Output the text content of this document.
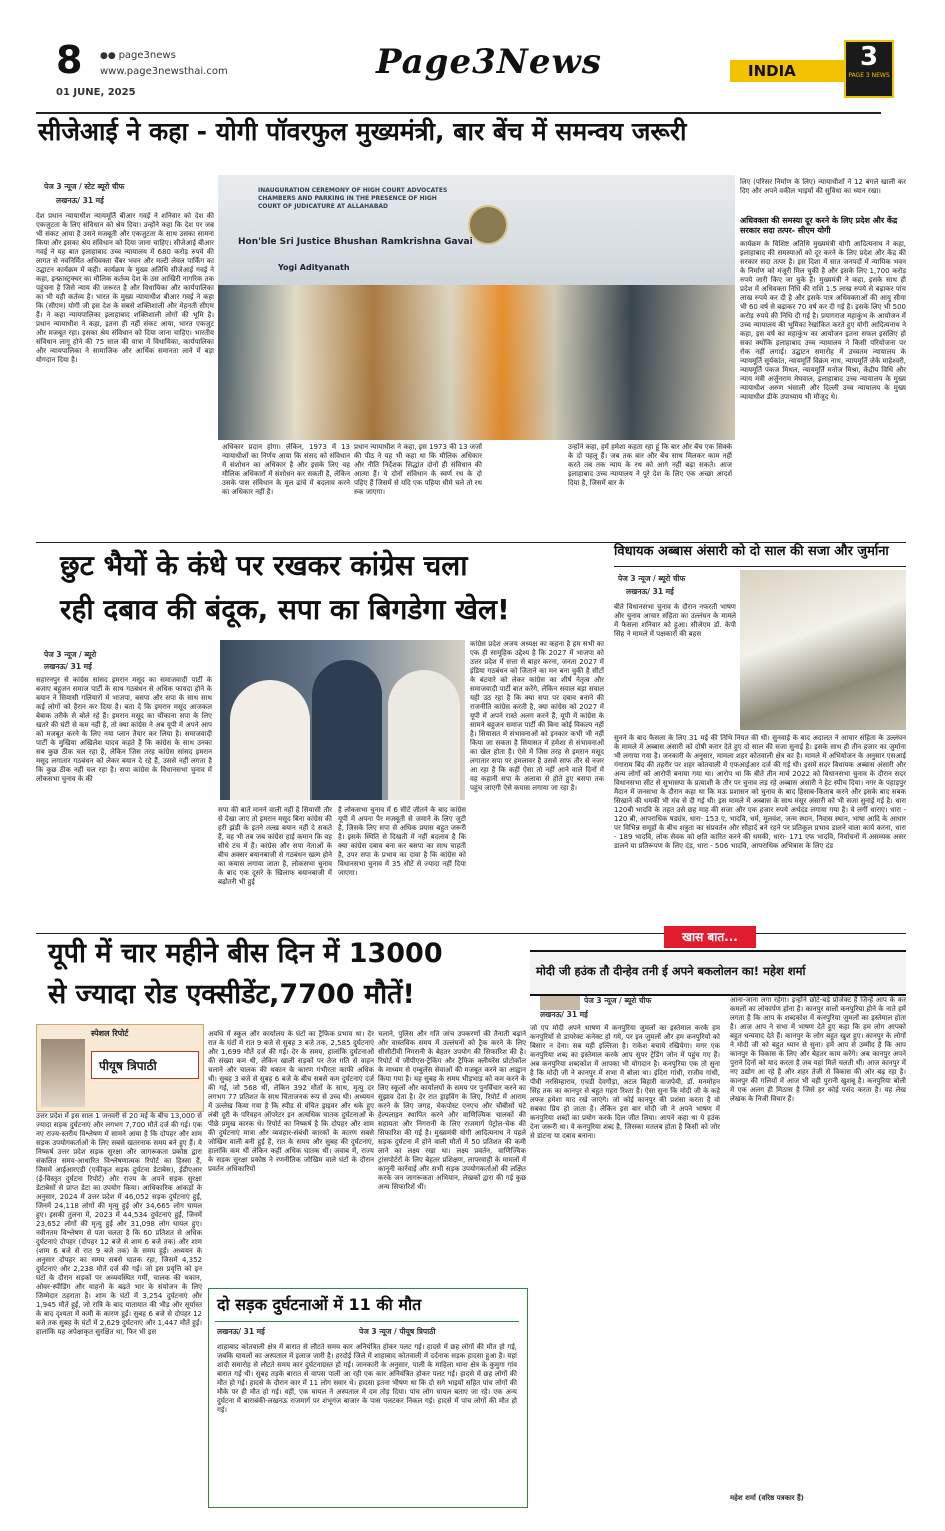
8 ●● page3news
www.page3newsthai.com
01 JUNE, 2025
Page3News	INDIA	3
PAGE 3 NEWS
सीजेआई ने कहा - योगी पॉवरफुल मुख्यमंत्री, बार बेंच में समन्वय जरूरी
पेज 3 न्यूज / स्टेट ब्यूरो चीफ
लखनऊ/ 31 मई
देश प्रधान न्यायाधीश न्यायमूर्ति बीआर गवई ने शनिवार को देश की एकजुटता के लिए संविधान को श्रेय दिया। उन्होंने कहा कि देश पर जब भी संकट आया है उसने मजबूती और एकजुटता के साथ उसका सामना किया और इसका श्रेय संविधान को दिया जाना चाहिए। सीजेआई बीआर गवई ने यह बात इलाहाबाद उच्च न्यायालय में 680 करोड़ रुपये की लागत से नवनिर्मित अधिवक्ता चैंबर भवन और मल्टी लेवल पार्किंग का उद्घाटन कार्यक्रम में कही। कार्यक्रम के मुख्य अतिथि सीजेआई गवई ने कहा, इन्फ्रास्ट्रक्चर का मौलिक कर्तव्य देश के उस आखिरी नागरिक तक पहुंचना है जिसे न्याय की जरूरत है और विधायिका और कार्यपालिका का भी यही कर्तव्य है। भारत के मुख्य न्यायाधीश बीआर गवई ने कहा कि (सीएम) योगी जी इस देश के सबसे शक्तिशाली और मेहनती सीएम हैं। ने कहा न्यायपालिका इलाहाबाद शक्तिशाली लोगों की भूमि है। प्रधान न्यायाधीश ने कहा, इतना ही नहीं संकट आया, भारत एकजुट और मजबूत रहा। इसका श्रेय संविधान को दिया जाना चाहिए। भारतीय संविधान लागू होने की 75 साल की यात्रा में विधायिका, कार्यपालिका और न्यायपालिका ने सामाजिक और आर्थिक समानता लाने में बड़ा योगदान दिया है।
INAUGURATION CEREMONY OF HIGH COURT ADVOCATES CHAMBERS AND PARKING IN THE PRESENCE OF HIGH COURT OF JUDICATURE AT ALLAHABAD
Hon'ble Sri Justice Bhushan Ramkrishna Gavai
Yogi Adityanath
अधिकार प्रदान होगा। लेकिन, 1973 में 13 न्यायाधीशों का निर्णय आया कि संसद को संविधान में संशोधन का अधिकार है और इसके लिए वह मौलिक अधिकारों में संशोधन कर सकती है, लेकिन उसके पास संविधान के मूल ढांचे में बदलाव करने का अधिकार नहीं है।
प्रधान न्यायाधीश ने कहा, इस 1973 की 13 जजों की पीठ ने यह भी कहा था कि मौलिक अधिकार और नीति निर्देशक सिद्धांत दोनों ही संविधान की आत्मा हैं। ये दोनों संविधान के स्वर्ण रथ के दो पहिए हैं जिसमें से यदि एक पहिया धीमे चले तो रथ रुक जाएगा।
उन्होंने कहा, हमें हमेशा कहता रहा हूं कि बार और बेंच एक सिक्के के दो पहलू हैं। जब तक बार और बेंच साथ मिलकर काम नहीं करते तब तक न्याय के रथ को आगे नहीं बढ़ा सकते। आज इलाहाबाद उच्च न्यायालय ने पूरे देश के लिए एक अच्छा आदर्श दिया है, जिसमें बार के
लिए (परिसर निर्माण के लिए) न्यायाधीशों ने 12 बंगले खाली कर दिए और अपने वकील भाइयों की सुविधा का ध्यान रखा।
अधिवक्ता की समस्या दूर करने के लिए प्रदेश और केंद्र सरकार सदा तत्पर- सीएम योगी
कार्यक्रम के विशिष्ट अतिथि मुख्यमंत्री योगी आदित्यनाथ ने कहा, इलाहाबाद की समस्याओं को दूर करने के लिए प्रदेश और केंद्र की सरकार सदा तत्पर है। इस दिशा में सात जनपदों में न्यायिक भवन के निर्माण को मंजूरी मिल चुकी है और इसके लिए 1,700 करोड़ रुपये जारी किए जा चुके हैं। मुख्यमंत्री ने कहा, इसके साथ ही प्रदेश में अधिवक्ता निधि की राशि 1.5 लाख रुपये से बढ़ाकर पांच लाख रुपये कर दी है और इसके पात्र अधिवक्ताओं की आयु सीमा भी 60 वर्ष से बढ़ाकर 70 वर्ष कर दी गई है। इसके लिए भी 500 करोड़ रुपये की निधि दी गई है। प्रयागराज महाकुंभ के आयोजन में उच्च न्यायालय की भूमिका रेखांकित करते हुए योगी आदित्यनाथ ने कहा, इस वर्ष का महाकुंभ का आयोजन इतना सफल इसलिए हो सका क्योंकि इलाहाबाद उच्च न्यायालय ने किसी परियोजना पर रोक नहीं लगाई। उद्घाटन समारोह में उच्चतम न्यायालय के न्यायमूर्ति सूर्यकांत, न्यायमूर्ति विक्रम नाथ, न्यायमूर्ति जेके माहेश्वरी, न्यायमूर्ति पंकज मिथल, न्यायमूर्ति मनोज मिश्रा, केंद्रीय विधि और न्याय मंत्री अर्जुनराम मेघवाल, इलाहाबाद उच्च न्यायालय के मुख्य न्यायाधीश अरुण भंसाली और दिल्ली उच्च न्यायालय के मुख्य न्यायाधीश डीके उपाध्याय भी मौजूद थे।
छुट भैयों के कंधे पर रखकर कांग्रेस चला
रही दबाव की बंदूक, सपा का बिगडेगा खेल!
पेज 3 न्यूज / ब्यूरो
लखनऊ/ 31 मई
सहारनपुर से कांग्रेस सांसद इमरान मसूद का समाजवादी पार्टी के बजाए बहुजन समाज पार्टी के साथ गठबंधन से अधिक फायदा होने के बयान ने सियासी गलियारों में भाजपा, बसपा और सपा के साथ साथ कई लोगों को हैरान कर दिया है। बता दें कि इमरान मसूद आजकल बेबाक तरीके से बोले रहे हैं। इमरान मसूद का चौंकाना सपा के लिए खतरे की घंटी से कम नहीं है, तो क्या कांग्रेस ने अब यूपी में अपने आप को मजबूत करने के लिए नया प्लान तैयार कर लिया है। समाजवादी पार्टी के मुखिया अखिलेश यादव कहते हैं कि कांग्रेस के साथ उनका सब कुछ ठीक चल रहा है, लेकिन जिस तरह कांग्रेस सांसद इमरान मसूद लगातार गठबंधन को लेकर बयान दे रहे हैं, उससे नहीं लगता है कि कुछ ठीक नहीं चल रहा है। सपा कांग्रेस के विधानसभा चुनाव में लोकसभा चुनाव के की
सपा की बातें मानने वाली नहीं है सियासी तौर से देखा जाए तो इमरान मसूद बिना कांग्रेस की हरी झंडी के इतने तल्ख़ बयान नहीं दे सकते हैं, वह भी तब जब कांग्रेस हाई कमान कि वह सीधे टच में हैं। कांग्रेस और सपा नेताओं के बीच अक्सर बयानबाजी से गठबंधन खत्म होने का कयास लगाया जाता है, लोकसभा चुनाव के बाद एक दूसरे के खिलाफ बयानबाजी में बढ़ोतरी भी हुई
है लोकसभा चुनाव में 6 सीटें जीतने के बाद कांग्रेस यूपी में अपना पैर मजबूती से जमाने के लिए जुटी है, जिसके लिए सपा से अधिक प्रयास बहुत जरूरी है। इसके स्थिति से दिखती में नहीं बदलाव है कि क्या कांग्रेस दबाव बना कर बसपा का साथ चाहती है, उपर सपा के प्रभाव का दावा है कि कांग्रेस को विधानसभा चुनाव में 35 सीटें से ज्यादा नहीं दिया जाएगा।
कांग्रेस प्रदेश अजय अध्यक्ष का कहना है हम सभी का एक ही सामूहिक उद्देश्य है कि 2027 में भाजपा को उत्तर प्रदेश में सत्ता से बाहर करना, जनता 2027 में इंडिया गठबंधन को जिताने का मन बना चुकी है सीटों के बंटवारे को लेकर कांग्रेस का शीर्ष नेतृत्व और समाजवादी पार्टी बात करेंगे, लेकिन सवाल बड़ा सवाल यही उठ रहा है कि क्या सपा पर दबाव बनाने की राजनीति कांग्रेस करती है, क्या कांग्रेस को 2027 में यूपी में अपने रास्ते अलग करने हैं, यूपी में कांग्रेस के सामने बहुजन समाज पार्टी की बिना कोई विकल्प नहीं है। सियासत में संभावनाओं को इनकार कभी भी नहीं किया जा सकता है सियासत में हमेशा से संभावनाओं का खेल होता है। ऐसे में जिस तरह से इमरान मसूद लगातार सपा पर हमलावर है उससे साफ तौर से नजर आ रहा है कि कहीं ऐसा तो नहीं आने वाले दिनों में वह कहानी सपा के अलावा से होते हुए बसपा तक पहुंच जाएगी ऐसे कयास लगाया जा रहा है।
विधायक अब्बास अंसारी को दो साल की सजा और जुर्माना
पेज 3 न्यूज / ब्यूरो चीफ
लखनऊ/ 31 मई
बीते विधानसभा चुनाव के दौरान नफरती भाषण और चुनाव आचार संहिता का उल्लंघन के मामले में फैसला शनिवार को हुआ। सीजेएम डॉ. केपी सिंह ने मामले में पक्षकारों की बहस
सुनने के बाद फैसला के लिए 31 मई की तिथि नियत की थी। सुनवाई के बाद अदालत ने आचार संहिता के उल्लंघन के मामले में अब्बास अंसारी को दोषी करार देते हुए दो साल की सजा सुनाई है। इसके साथ ही तीन हजार का जुर्माना भी लगाया गया है। जनकारी के अनुसार, मामला शहर कोतवाली क्षेत्र का है। मामले में अभियोजन के अनुसार एसआई गंगाराम बिंद की तहरीर पर शहर कोतवाली में एफआईआर दर्ज की गई थी। इसमें सदर विधायक अब्बास अंसारी और अन्य लोगों को आरोपी बनाया गया था। आरोप था कि बीते तीन मार्च 2022 को विधानसभा चुनाव के दौरान सदर विधानसभा सीट से सुभासपा के प्रत्याशी के तौर पर चुनाव लड़ रहे अब्बास अंसारी ने हेट स्पीच दिया। नगर के पहाड़पुर मैदान में जनसभा के दौरान कहा था कि मऊ प्रशासन को चुनाव के बाद हिसाब-किताब करने और इसके बाद सबक सिखाने की धमकी भी मंच से दी गई थी। इस मामले में अब्बास के साथ मंसूर अंसारी को भी सजा सुनाई गई है। धारा 120बी भादवि के तहत उसे छह माह की सजा और एक हजार रुपये अर्थदंड लगाया गया है। ये लगीं धाराएं। धारा - 120 बी, आपराधिक षड्यंत्र, धारा- 153 ए, भादवि, धर्म, मूलवंश, जन्म स्थान, निवास स्थान, भाषा आदि के आधार पर विभिन्न समूहों के बीच शत्रुता का संप्रवर्तन और सौहार्द बने रहने पर प्रतिकूल प्रभाव डालने वाला कार्य करना, धारा - 189 भादवि, लोक सेवक को क्षति कारित करने की धमकी, धारा- 171 एफ भादवि, निर्वाचनों में असम्यक असर डालने या प्रतिरूपण के लिए दंड, धारा - 506 भादवि, आपराधिक अभित्रास के लिए दंड
यूपी में चार महीने बीस दिन में 13000
से ज्यादा रोड एक्सीडेंट,7700 मौतें!
स्पेशल रिपोर्ट
पीयूष त्रिपाठी
उत्तर प्रदेश में इस साल 1 जनवरी से 20 मई के बीच 13,000 से ज्यादा सड़क दुर्घटनाएं और लगभग 7,700 मौतें दर्ज की गई। एक नए राज्य-स्तरीय विश्लेषण में सामने आया है कि दोपहर और शाम सड़क उपयोगकर्ताओं के लिए सबसे खतरनाक समय बने हुए हैं। ये निष्कर्ष उत्तर प्रदेश सड़क सुरक्षा और जागरूकता प्रकोष्ठ द्वारा संकलित समय-आधारित विश्लेषणात्मक रिपोर्ट का हिस्सा हैं, जिसमें आईआरएडी (एकीकृत सड़क दुर्घटना डेटाबेस), ईडीएआर (ई-विस्तृत दुर्घटना रिपोर्ट) और राज्य के अपने सड़क सुरक्षा डेटाबेसों से प्राप्त डेटा का उपयोग किया। आधिकारिक आंकड़ों के अनुसार, 2024 में उत्तर प्रदेश में 46,052 सड़क दुर्घटनाएं हुईं, जिनमें 24,118 लोगों की मृत्यु हुई और 34,665 लोग घायल हुए। इसकी तुलना में, 2023 में 44,534 दुर्घटनाएं हुईं, जिनमें 23,652 लोगों की मृत्यु हुई और 31,098 लोग घायल हुए। नवीनतम विश्लेषण से पता चलता है कि 60 प्रतिशत से अधिक दुर्घटनाएं दोपहर (दोपहर 12 बजे से शाम 6 बजे तक) और शाम (शाम 6 बजे से रात 9 बजे तक) के समय हुईं। अध्ययन के अनुसार दोपहर का समय सबसे घातक रहा, जिसमें 4,352 दुर्घटनाएं और 2,238 मौतें दर्ज की गईं। जो इस प्रवृत्ति को इन घंटों के दौरान सड़कों पर अव्यवस्थित गर्मी, चालक की थकान, ओवर-स्पीडिंग और वाहनों के बढ़ते भार के संयोजन के लिए जिम्मेदार ठहराता है। शाम के घंटों में 3,254 दुर्घटनाएं और 1,945 मौतें हुईं, जो रात्रि के बाद यातायात की भीड़ और सूर्यास्त के बाद दृश्यता में कमी के कारण हुईं। सुबह 6 बजे से दोपहर 12 बजे तक सुबह के घंटों में 2,629 दुर्घटनाएं और 1,447 मौतें हुईं। हालांकि यह अपेक्षाकृत सुरक्षित था, फिर भी इस
अवधि में स्कूल और कार्यालय के घंटों का ट्रैफिक प्रभाव था। देर रात के घंटों में रात 9 बजे से सुबह 3 बजे तक, 2,585 दुर्घटनाएं और 1,699 मौतें दर्ज की गईं। देर के समय, हालांकि दुर्घटनाओं की संख्या कम थी, लेकिन खाली सड़कों पर तेज गति से वाहन चलाने और चालक की थकान के कारण गंभीरता काफी अधिक थी। सुबह 3 बजे से सुबह 6 बजे के बीच सबसे कम दुर्घटनाएं दर्ज की गई, जो 568 थीं, लेकिन 392 मौतों के साथ, मृत्यु दर लगभग 77 प्रतिशत के साथ चिंताजनक रूप से उच्च थी। अध्ययन में उल्लेख किया गया है कि स्पीड से वंचित ड्राइवर और थके हुए लंबी दूरी के परिवहन ऑपरेटर इन अत्यधिक घातक दुर्घटनाओं के पीछे प्रमुख कारक थे। रिपोर्ट का निष्कर्ष है कि दोपहर और शाम की दुर्घटनाएं मात्रा और व्यवहार-संबंधी कारकों के कारण सबसे जोखिम वाली बनी हुई हैं, रात के समय और सुबह की दुर्घटनाएं, हालांकि कम थीं लेकिन कहीं अधिक घातक थीं। जवाब में, राज्य के सड़क सुरक्षा प्रकोष्ठ ने रणनीतिक जोखिम वाले घंटों के दौरान प्रवर्तन अधिकारियों
चलाने, पुलिस और गति जांच उपकरणों की तैनाती बढ़ाने और वास्तविक समय में उल्लंघनों को ट्रैक करने के लिए सीसीटीवी निगरानी के बेहतर उपयोग की सिफारिश की है। रिपोर्ट में जीपीएस-ट्रैकिंग और ट्रैफिक क्लीयरेंस प्रोटोकॉल के माध्यम से एम्बुलेंस सेवाओं की मजबूत करने का आह्वान किया गया है। यह सुबह के समय भीड़भाड़ को कम करने के लिए स्कूलों और कार्यालयों के समय पर पुनर्विचार करने का सुझाव देता है। देर रात ड्राइविंग के लिए, रिपोर्ट में आराम करने के लिए जगह, चेकपोस्ट एनएच और चौबीसों घंटे हेल्पलाइन स्थापित करने और वाणिज्यिक चालकों की सहायता और निगरानी के लिए राजमार्ग पेट्रोल-चेक की सिफारिश की गई है। मुख्यमंत्री योगी आदित्यनाथ ने पहले सड़क दुर्घटना में होने वाली मौतों में 50 प्रतिशत की कमी लाने का लक्ष्य रखा था। लक्ष्य प्रवर्तन, वाणिज्यिक ट्रांसपोर्टरों के लिए बेहतर प्रशिक्षण, लापरवाही के मामलों में कानूनी कार्रवाई और सभी सड़क उपयोगकर्ताओं की लक्षित करके जन जागरूकता अभियान, लेखकों द्वारा की गई कुछ अन्य सिफारिशें थीं।
दो सड़क दुर्घटनाओं में 11 की मौत
लखनऊ/ 31 मई	पेज 3 न्यूज / पीयूष त्रिपाठी
शाहाबाद कोतवाली क्षेत्र में बारात से लौटते समय कार अनियंत्रित होकर पलट गई। हादसे में छह लोगों की मौत हो गई, जबकि घायलों का अस्पताल में इलाज जारी है। हरदोई जिले में शाहाबाद कोतवाली में दर्दनाक सड़क हादसा हुआ है। यहां शादी समारोह से लौटते समय कार दुर्घटनाग्रस्त हो गई। जानकारी के अनुसार, पाली के माहिला थाना क्षेत्र के कुमुगा गांव बारात गई थी। सुबह तड़के बारात से वापस पाली आ रही एक कार अनियंत्रित होकर पलट गई। हादसे में छह लोगों की मौत हो गई। हादसे के दौरान कार में 11 लोग सवार थे। हादसा इतना भीषण था कि दो सगे भाइयों सहित पांच लोगों की मौके पर ही मौत हो गई। वहीं, एक घायल ने अस्पताल में दम तोड़ दिया। पांच लोग घायल बताए जा रहे। एक अन्य दुर्घटना में बाराबंकी-लखनऊ राजमार्ग पर शंभूगंज बाजार के पास पलटकर निकल गई। हादसे में पांच लोगों की मौत हो गई।
खास बात...
मोदी जी हउंक तौ दीन्हेव तनी ई अपने बकलोलन का! महेश शर्मा
पेज 3 न्यूज / ब्यूरो चीफ
लखनऊ/ 31 मई
जो एप मोदी अपने भाषण में कनपुरिया जुमलों का इस्तेमाल करके हम कनपुरियों से डायरेक्ट कनेक्ट हो गये, पर इन जुमलों और हम कनपुरियों को बिसार न देना। सब यही इल्तिजा है। राकेश बचाये रखियेगा। मगर एक कनपुरिया शब्द का इस्तेमाल करके आप सुपर ट्रेडिंग जोन में पहुंच गए हैं। अब कनपुरिया शब्दकोश में आपका भी योगदान है। कनपुरिया एक तो सुना है कि मोदी जी ने कानपुर में सभा में बोला था। इंदिरा गांधी, राजीव गांधी, पीवी नरसिम्हाराव, एचडी देवगौड़ा, अटल बिहारी वाजपेयी, डॉ. मनमोहन सिंह तक का कानपुर से बहुत गहरा रिश्ता है। ऐसा सुना कि मोदी जी के कहे लफ्ज हमेशा याद रखे जाएंगे। जो कोई कानपुर की प्रशंसा करता है वो सबका प्रिय हो जाता है। लेकिन इस बार मोदी जी ने अपने भाषण में कनपुरिया शब्दों का प्रयोग करके दिल जीत लिया। आपने कहा था ये हउंक देना जरूरी था। ये कनपुरिया शब्द है, जिसका मतलब होता है किसी को जोर से डांटना या दबाव बनाना।
आना-जाना लगा रहेगा। इन्होंने छोटे-बड़े प्रोजेक्ट हैं जिन्हें आप के कर कमलों का लोकार्पण होना है। कानपुर वालों कनपुरिया होने के नाते हमें लगता है कि आप के शब्दकोश में कनपुरिया जुमलों का इस्तेमाल होता है। आज आप ने सभा में भाषण देते हुए कहा कि हम लोग आपको बहुत धन्यवाद देते हैं। कानपुर के लोग बहुत खुश हुए। कानपुर के लोगों ने मोदी जी को बहुत ध्यान से सुना। हमें आप से उम्मीद है कि आप कानपुर के विकास के लिए और बेहतर काम करेंगे। अब कानपुर अपने पुराने दिनों को याद करता है जब यहां मिलें चलती थीं। आज कानपुर में नए उद्योग आ रहे हैं और शहर तेजी से विकास की ओर बढ़ रहा है। कानपुर की गलियों में आज भी वही पुरानी खुशबू है। कनपुरिया बोली में एक अलग ही मिठास है जिसे हर कोई पसंद करता है। यह लेख लेखक के निजी विचार हैं।
महेश शर्मा (वरिष्ठ पत्रकार हैं)
